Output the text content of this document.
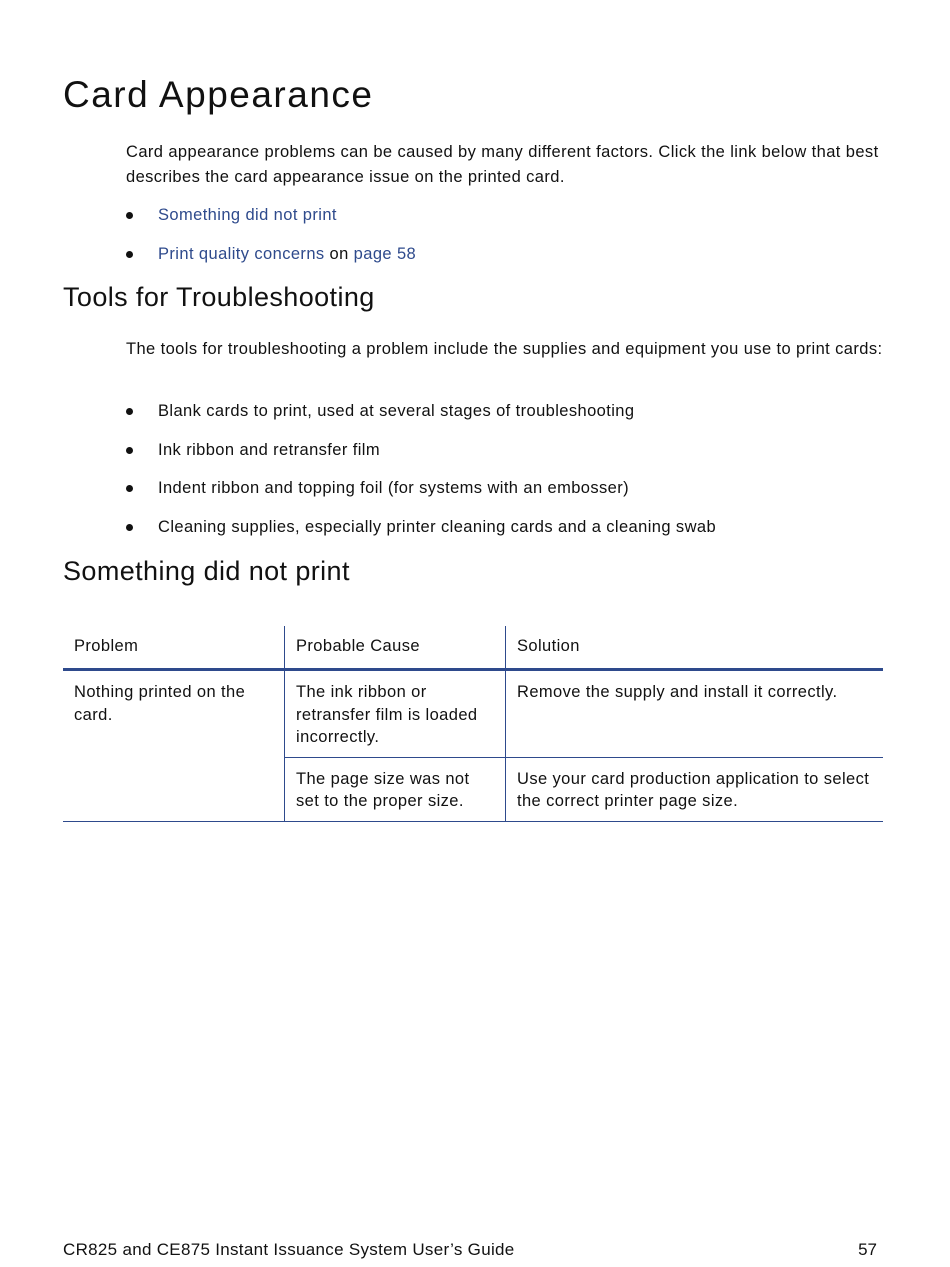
Card Appearance

Card appearance problems can be caused by many different factors. Click the link below that best describes the card appearance issue on the printed card.

Something did not print
Print quality concerns on page 58
Tools for Troubleshooting

The tools for troubleshooting a problem include the supplies and equipment you use to print cards:

Blank cards to print, used at several stages of troubleshooting
Ink ribbon and retransfer film
Indent ribbon and topping foil (for systems with an embosser)
Cleaning supplies, especially printer cleaning cards and a cleaning swab
Something did not print
Problem	Probable Cause	Solution
Nothing printed on the card.	The ink ribbon or retransfer film is loaded incorrectly.	Remove the supply and install it correctly.
	The page size was not set to the proper size.	Use your card production application to select the correct printer page size.
CR825 and CE875 Instant Issuance System User’s Guide	57
